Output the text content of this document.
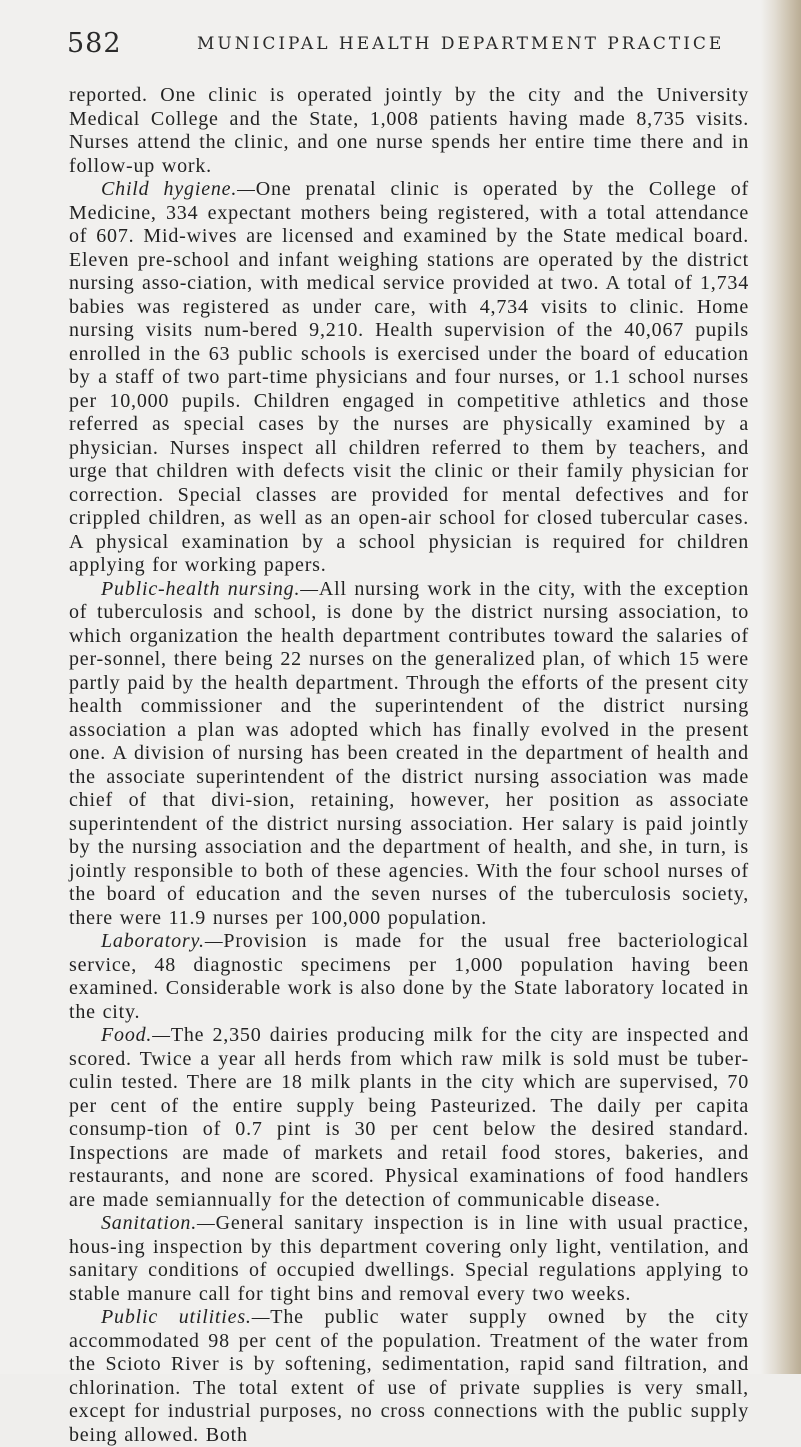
582	MUNICIPAL HEALTH DEPARTMENT PRACTICE

reported. One clinic is operated jointly by the city and the University Medical College and the State, 1,008 patients having made 8,735 visits. Nurses attend the clinic, and one nurse spends her entire time there and in follow-up work.

Child hygiene.—One prenatal clinic is operated by the College of Medicine, 334 expectant mothers being registered, with a total attendance of 607. Mid-wives are licensed and examined by the State medical board. Eleven pre-school and infant weighing stations are operated by the district nursing asso-ciation, with medical service provided at two. A total of 1,734 babies was registered as under care, with 4,734 visits to clinic. Home nursing visits num-bered 9,210. Health supervision of the 40,067 pupils enrolled in the 63 public schools is exercised under the board of education by a staff of two part-time physicians and four nurses, or 1.1 school nurses per 10,000 pupils. Children engaged in competitive athletics and those referred as special cases by the nurses are physically examined by a physician. Nurses inspect all children referred to them by teachers, and urge that children with defects visit the clinic or their family physician for correction. Special classes are provided for mental defectives and for crippled children, as well as an open-air school for closed tubercular cases. A physical examination by a school physician is required for children applying for working papers.

Public-health nursing.—All nursing work in the city, with the exception of tuberculosis and school, is done by the district nursing association, to which organization the health department contributes toward the salaries of per-sonnel, there being 22 nurses on the generalized plan, of which 15 were partly paid by the health department. Through the efforts of the present city health commissioner and the superintendent of the district nursing association a plan was adopted which has finally evolved in the present one. A division of nursing has been created in the department of health and the associate superintendent of the district nursing association was made chief of that divi-sion, retaining, however, her position as associate superintendent of the district nursing association. Her salary is paid jointly by the nursing association and the department of health, and she, in turn, is jointly responsible to both of these agencies. With the four school nurses of the board of education and the seven nurses of the tuberculosis society, there were 11.9 nurses per 100,000 population.

Laboratory.—Provision is made for the usual free bacteriological service, 48 diagnostic specimens per 1,000 population having been examined. Considerable work is also done by the State laboratory located in the city.

Food.—The 2,350 dairies producing milk for the city are inspected and scored. Twice a year all herds from which raw milk is sold must be tuber-culin tested. There are 18 milk plants in the city which are supervised, 70 per cent of the entire supply being Pasteurized. The daily per capita consump-tion of 0.7 pint is 30 per cent below the desired standard. Inspections are made of markets and retail food stores, bakeries, and restaurants, and none are scored. Physical examinations of food handlers are made semiannually for the detection of communicable disease.

Sanitation.—General sanitary inspection is in line with usual practice, hous-ing inspection by this department covering only light, ventilation, and sanitary conditions of occupied dwellings. Special regulations applying to stable manure call for tight bins and removal every two weeks.

Public utilities.—The public water supply owned by the city accommodated 98 per cent of the population. Treatment of the water from the Scioto River is by softening, sedimentation, rapid sand filtration, and chlorination. The total extent of use of private supplies is very small, except for industrial purposes, no cross connections with the public supply being allowed. Both
